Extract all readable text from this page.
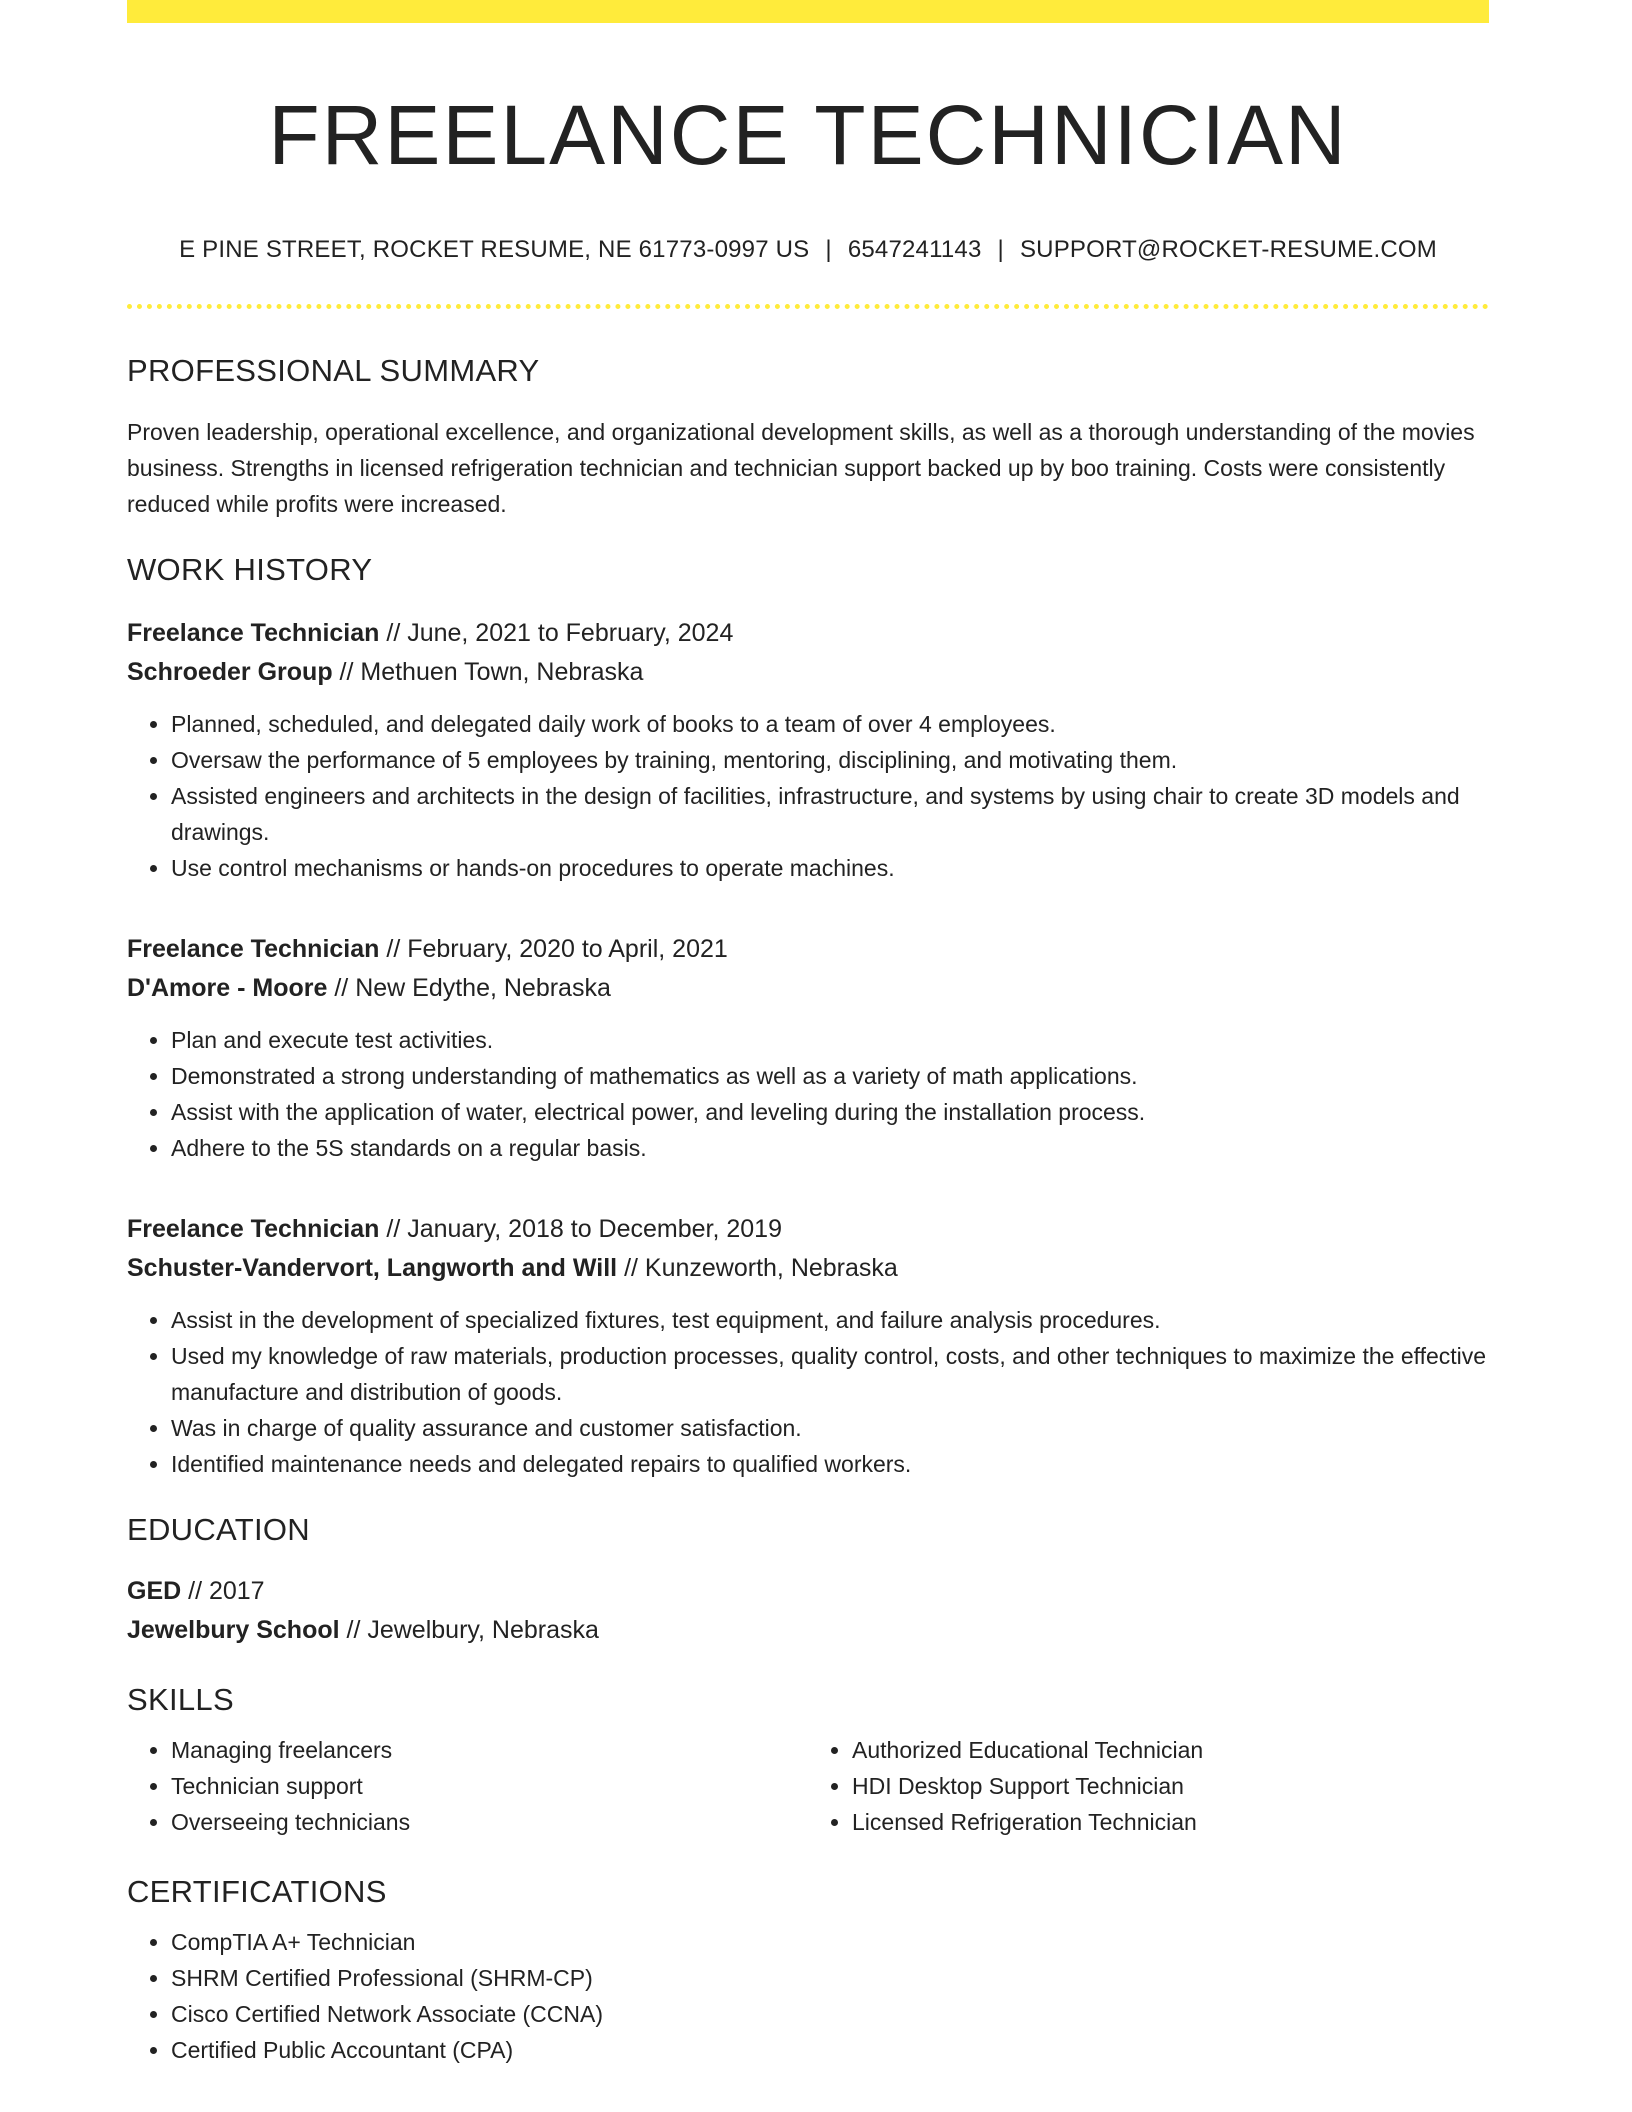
FREELANCE TECHNICIAN
E PINE STREET, ROCKET RESUME, NE 61773-0997 US | 6547241143 | SUPPORT@ROCKET-RESUME.COM
PROFESSIONAL SUMMARY
Proven leadership, operational excellence, and organizational development skills, as well as a thorough understanding of the movies business. Strengths in licensed refrigeration technician and technician support backed up by boo training. Costs were consistently reduced while profits were increased.
WORK HISTORY
Freelance Technician // June, 2021 to February, 2024
Schroeder Group // Methuen Town, Nebraska
• Planned, scheduled, and delegated daily work of books to a team of over 4 employees.
• Oversaw the performance of 5 employees by training, mentoring, disciplining, and motivating them.
• Assisted engineers and architects in the design of facilities, infrastructure, and systems by using chair to create 3D models and drawings.
• Use control mechanisms or hands-on procedures to operate machines.
Freelance Technician // February, 2020 to April, 2021
D'Amore - Moore // New Edythe, Nebraska
• Plan and execute test activities.
• Demonstrated a strong understanding of mathematics as well as a variety of math applications.
• Assist with the application of water, electrical power, and leveling during the installation process.
• Adhere to the 5S standards on a regular basis.
Freelance Technician // January, 2018 to December, 2019
Schuster-Vandervort, Langworth and Will // Kunzeworth, Nebraska
• Assist in the development of specialized fixtures, test equipment, and failure analysis procedures.
• Used my knowledge of raw materials, production processes, quality control, costs, and other techniques to maximize the effective manufacture and distribution of goods.
• Was in charge of quality assurance and customer satisfaction.
• Identified maintenance needs and delegated repairs to qualified workers.
EDUCATION
GED // 2017
Jewelbury School // Jewelbury, Nebraska
SKILLS
• Managing freelancers
• Technician support
• Overseeing technicians
• Authorized Educational Technician
• HDI Desktop Support Technician
• Licensed Refrigeration Technician
CERTIFICATIONS
• CompTIA A+ Technician
• SHRM Certified Professional (SHRM-CP)
• Cisco Certified Network Associate (CCNA)
• Certified Public Accountant (CPA)
